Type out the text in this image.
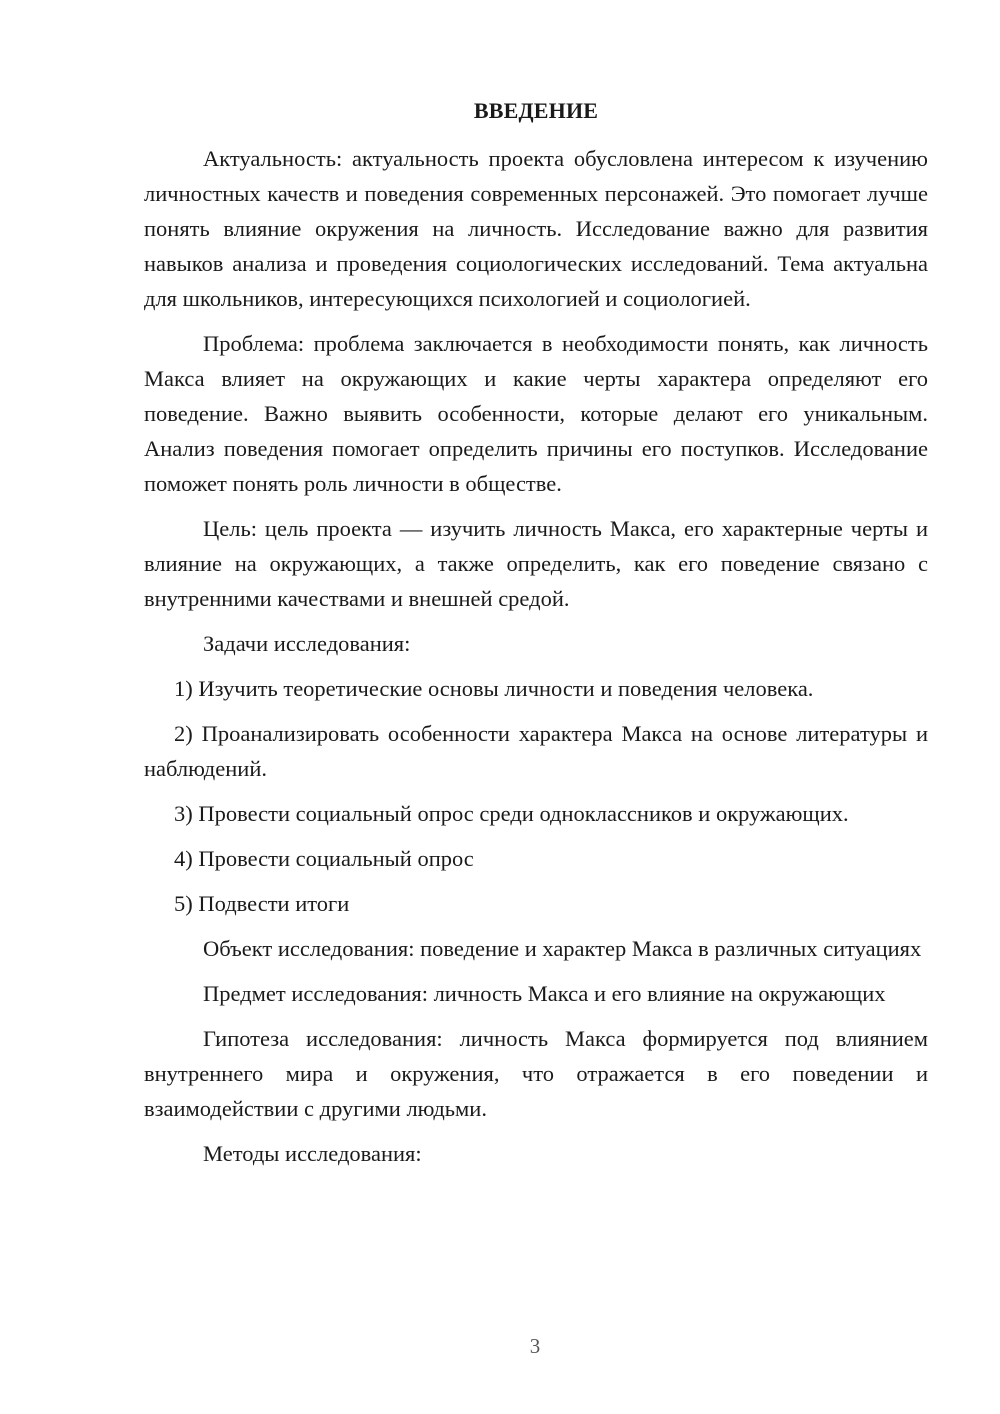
ВВЕДЕНИЕ

Актуальность: актуальность проекта обусловлена интересом к изучению личностных качеств и поведения современных персонажей. Это помогает лучше понять влияние окружения на личность. Исследование важно для развития навыков анализа и проведения социологических исследований. Тема актуальна для школьников, интересующихся психологией и социологией.

Проблема: проблема заключается в необходимости понять, как личность Макса влияет на окружающих и какие черты характера определяют его поведение. Важно выявить особенности, которые делают его уникальным. Анализ поведения помогает определить причины его поступков. Исследование поможет понять роль личности в обществе.

Цель: цель проекта — изучить личность Макса, его характерные черты и влияние на окружающих, а также определить, как его поведение связано с внутренними качествами и внешней средой.

Задачи исследования:

1) Изучить теоретические основы личности и поведения человека.

2) Проанализировать особенности характера Макса на основе литературы и наблюдений.

3) Провести социальный опрос среди одноклассников и окружающих.

4) Провести социальный опрос

5) Подвести итоги

Объект исследования: поведение и характер Макса в различных ситуациях

Предмет исследования: личность Макса и его влияние на окружающих

Гипотеза исследования: личность Макса формируется под влиянием внутреннего мира и окружения, что отражается в его поведении и взаимодействии с другими людьми.

Методы исследования:

3
